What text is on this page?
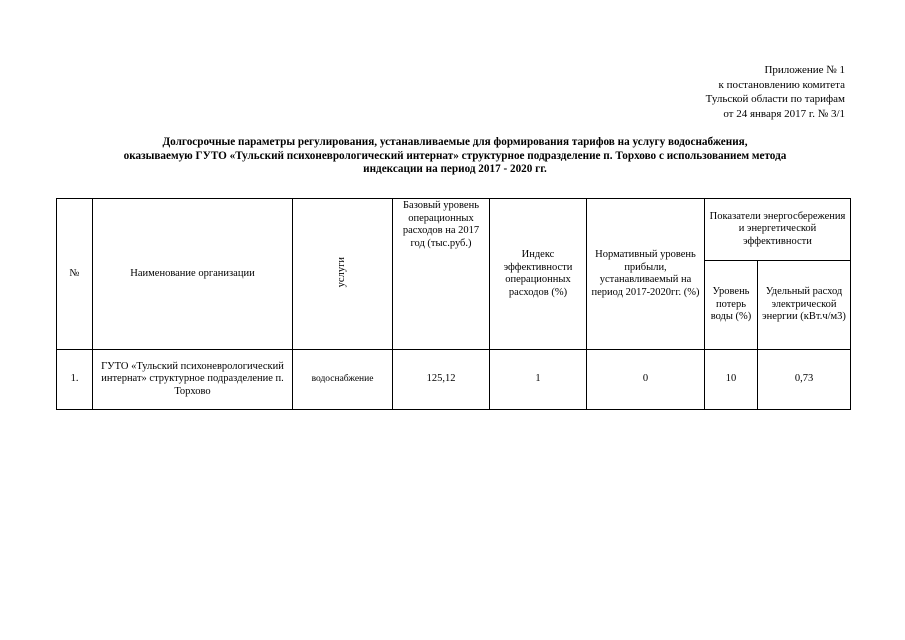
Приложение № 1
к постановлению комитета
Тульской области по тарифам
от 24 января 2017 г. № 3/1
Долгосрочные параметры регулирования, устанавливаемые для формирования тарифов на услугу водоснабжения,
оказываемую ГУТО «Тульский психоневрологический интернат» структурное подразделение п. Торхово с использованием метода
индексации на период 2017 - 2020 гг.
№	Наименование организации	услуги	Базовый уровень операционных расходов на 2017 год (тыс.руб.)	Индекс эффективности операционных расходов (%)	Нормативный уровень прибыли, устанавливаемый на период 2017-2020гг. (%)	Показатели энергосбережения и энергетической эффективности	
						Уровень потерь воды (%)	Удельный расход электрической энергии (кВт.ч/м3)
1.	ГУТО «Тульский психоневрологический интернат» структурное подразделение п. Торхово	водоснабжение	125,12	1	0	10	0,73
